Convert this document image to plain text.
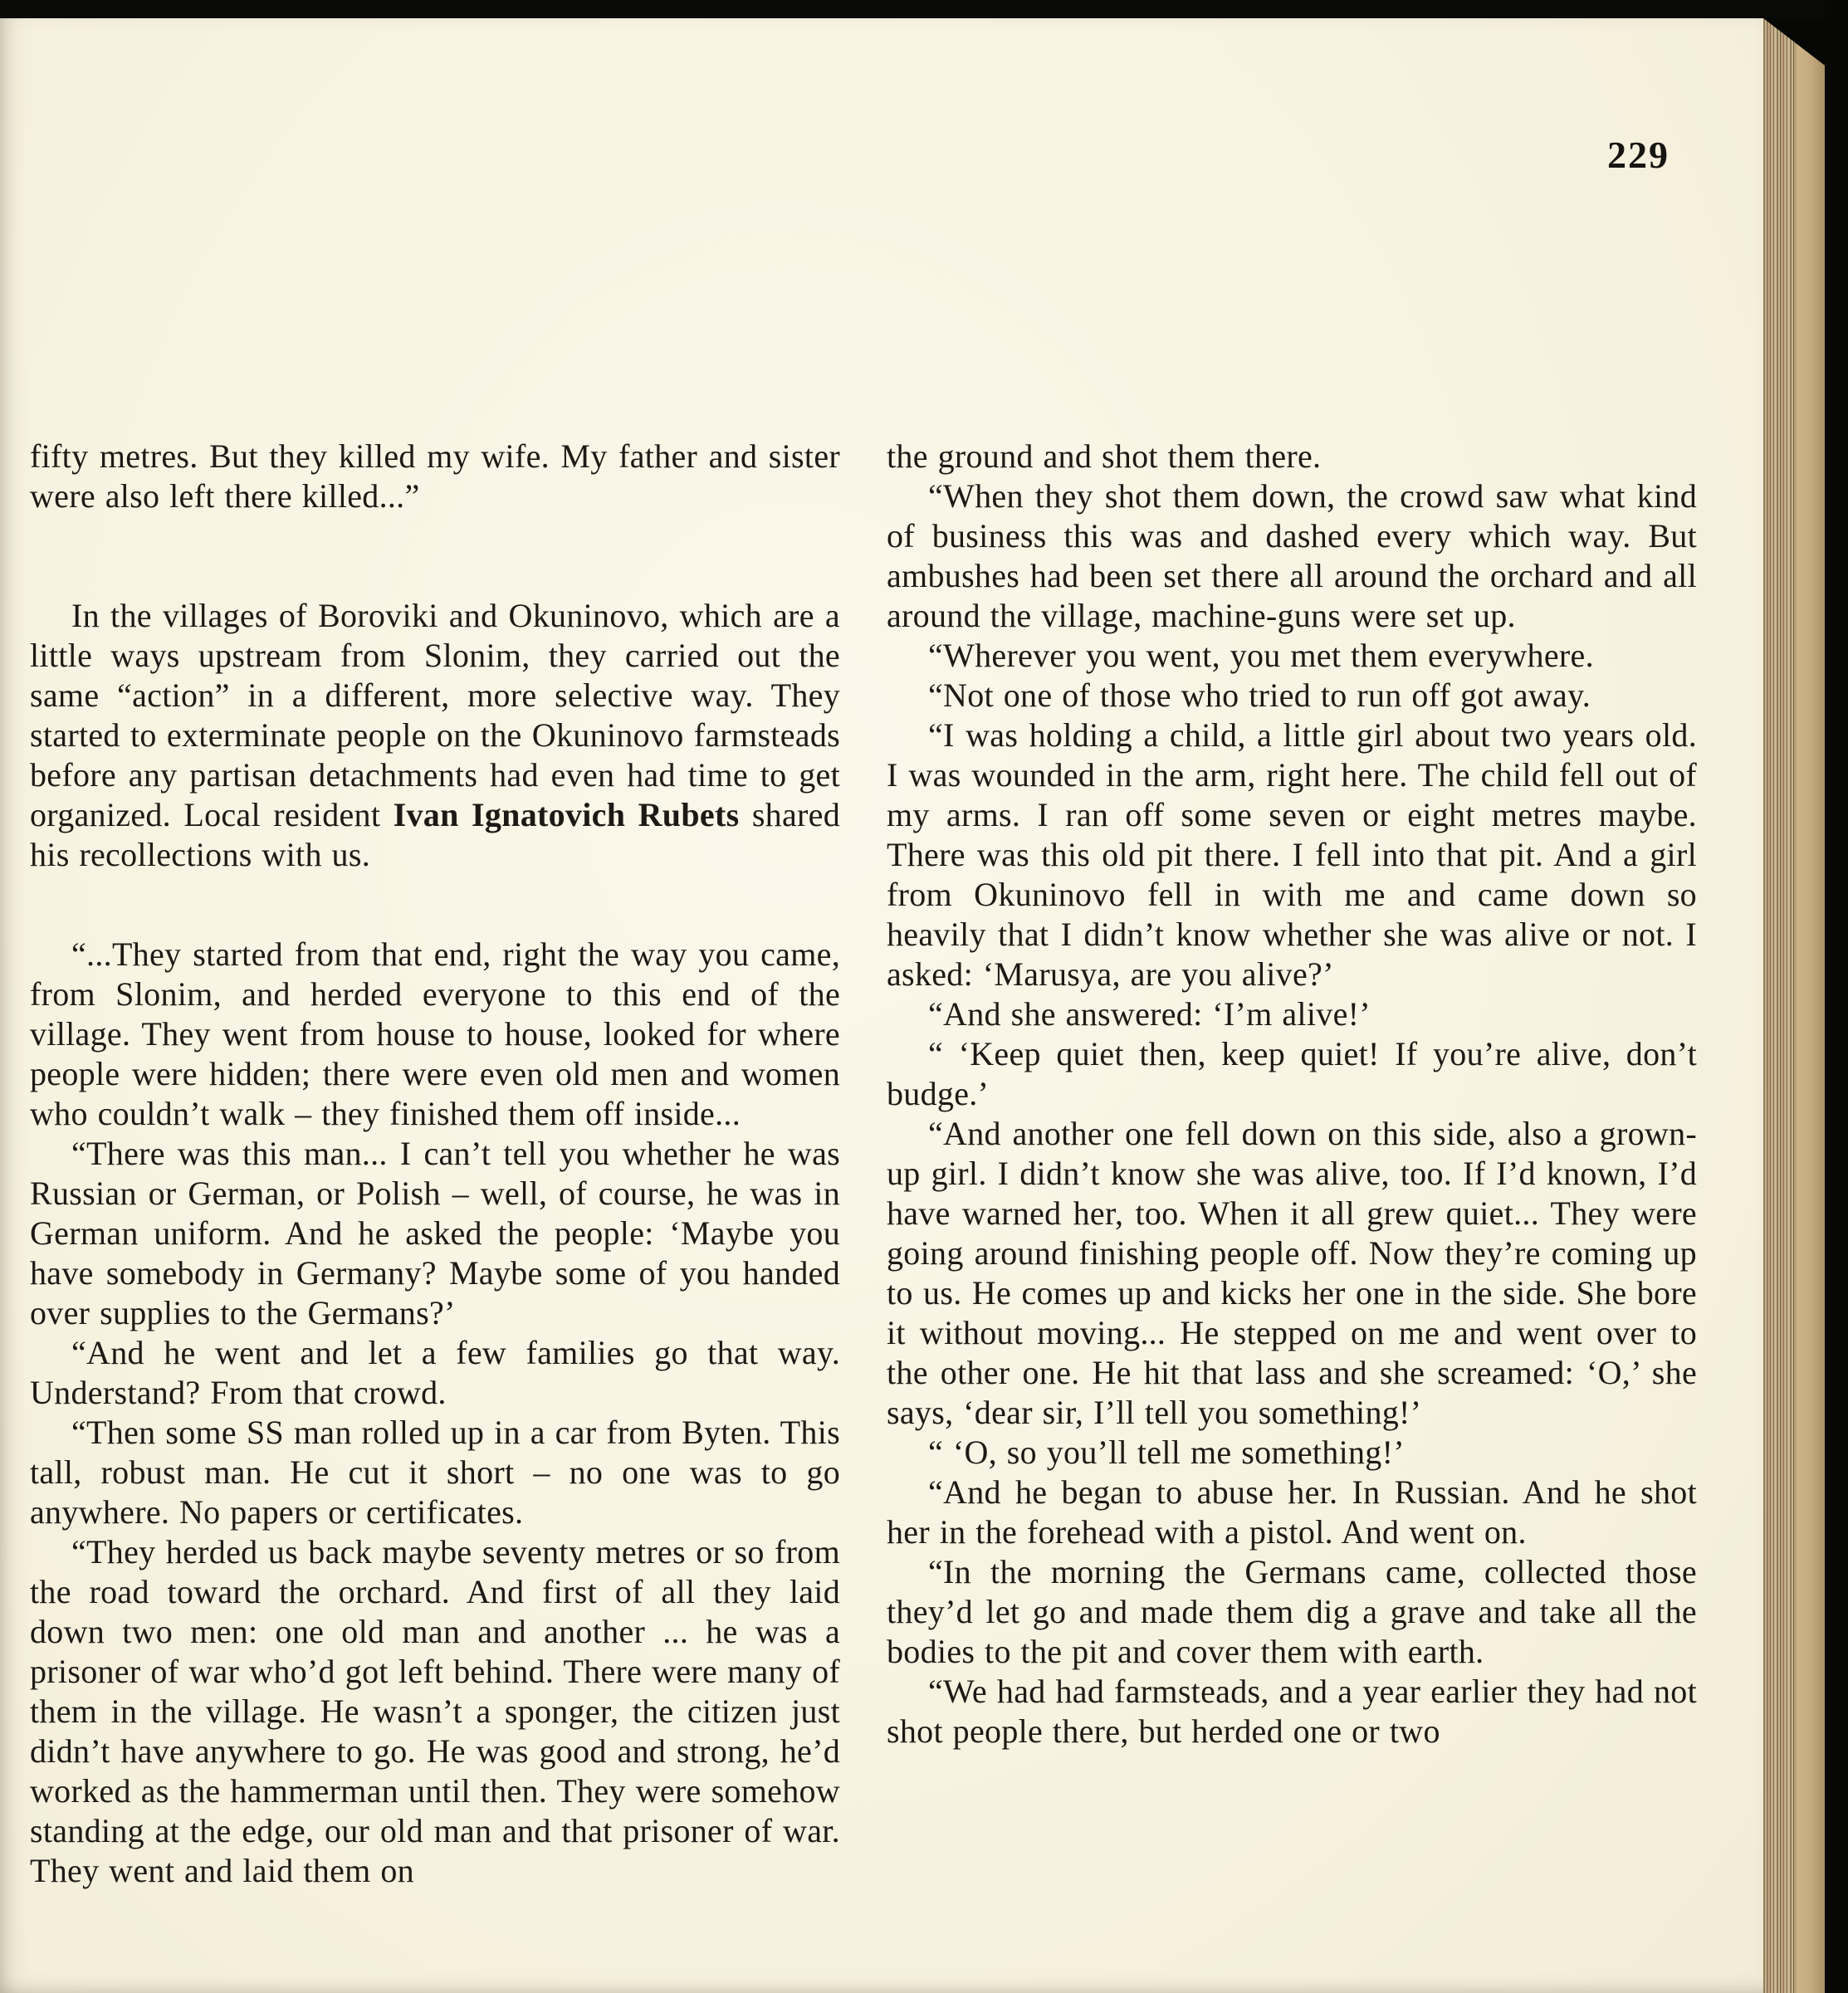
229

fifty metres. But they killed my wife. My father and sister were also left there killed...”

In the villages of Boroviki and Okuninovo, which are a little ways upstream from Slonim, they carried out the same “action” in a different, more selective way. They started to exterminate people on the Okuninovo farmsteads before any partisan detachments had even had time to get organized. Local resident Ivan Ignatovich Rubets shared his recollections with us.

“...They started from that end, right the way you came, from Slonim, and herded everyone to this end of the village. They went from house to house, looked for where people were hidden; there were even old men and women who couldn’t walk – they finished them off inside...

“There was this man... I can’t tell you whether he was Russian or German, or Polish – well, of course, he was in German uniform. And he asked the people: ‘Maybe you have somebody in Germany? Maybe some of you handed over supplies to the Germans?’

“And he went and let a few families go that way. Understand? From that crowd.

“Then some SS man rolled up in a car from Byten. This tall, robust man. He cut it short – no one was to go anywhere. No papers or certificates.

“They herded us back maybe seventy metres or so from the road toward the orchard. And first of all they laid down two men: one old man and another ... he was a prisoner of war who’d got left behind. There were many of them in the village. He wasn’t a sponger, the citizen just didn’t have anywhere to go. He was good and strong, he’d worked as the hammerman until then. They were somehow standing at the edge, our old man and that prisoner of war. They went and laid them on

the ground and shot them there.

“When they shot them down, the crowd saw what kind of business this was and dashed every which way. But ambushes had been set there all around the orchard and all around the village, machine-guns were set up.

“Wherever you went, you met them everywhere.

“Not one of those who tried to run off got away.

“I was holding a child, a little girl about two years old. I was wounded in the arm, right here. The child fell out of my arms. I ran off some seven or eight metres maybe. There was this old pit there. I fell into that pit. And a girl from Okuninovo fell in with me and came down so heavily that I didn’t know whether she was alive or not. I asked: ‘Marusya, are you alive?’

“And she answered: ‘I’m alive!’

“ ‘Keep quiet then, keep quiet! If you’re alive, don’t budge.’

“And another one fell down on this side, also a grown-up girl. I didn’t know she was alive, too. If I’d known, I’d have warned her, too. When it all grew quiet... They were going around finishing people off. Now they’re coming up to us. He comes up and kicks her one in the side. She bore it without moving... He stepped on me and went over to the other one. He hit that lass and she screamed: ‘O,’ she says, ‘dear sir, I’ll tell you something!’

“ ‘O, so you’ll tell me something!’

“And he began to abuse her. In Russian. And he shot her in the forehead with a pistol. And went on.

“In the morning the Germans came, collected those they’d let go and made them dig a grave and take all the bodies to the pit and cover them with earth.

“We had had farmsteads, and a year earlier they had not shot people there, but herded one or two
